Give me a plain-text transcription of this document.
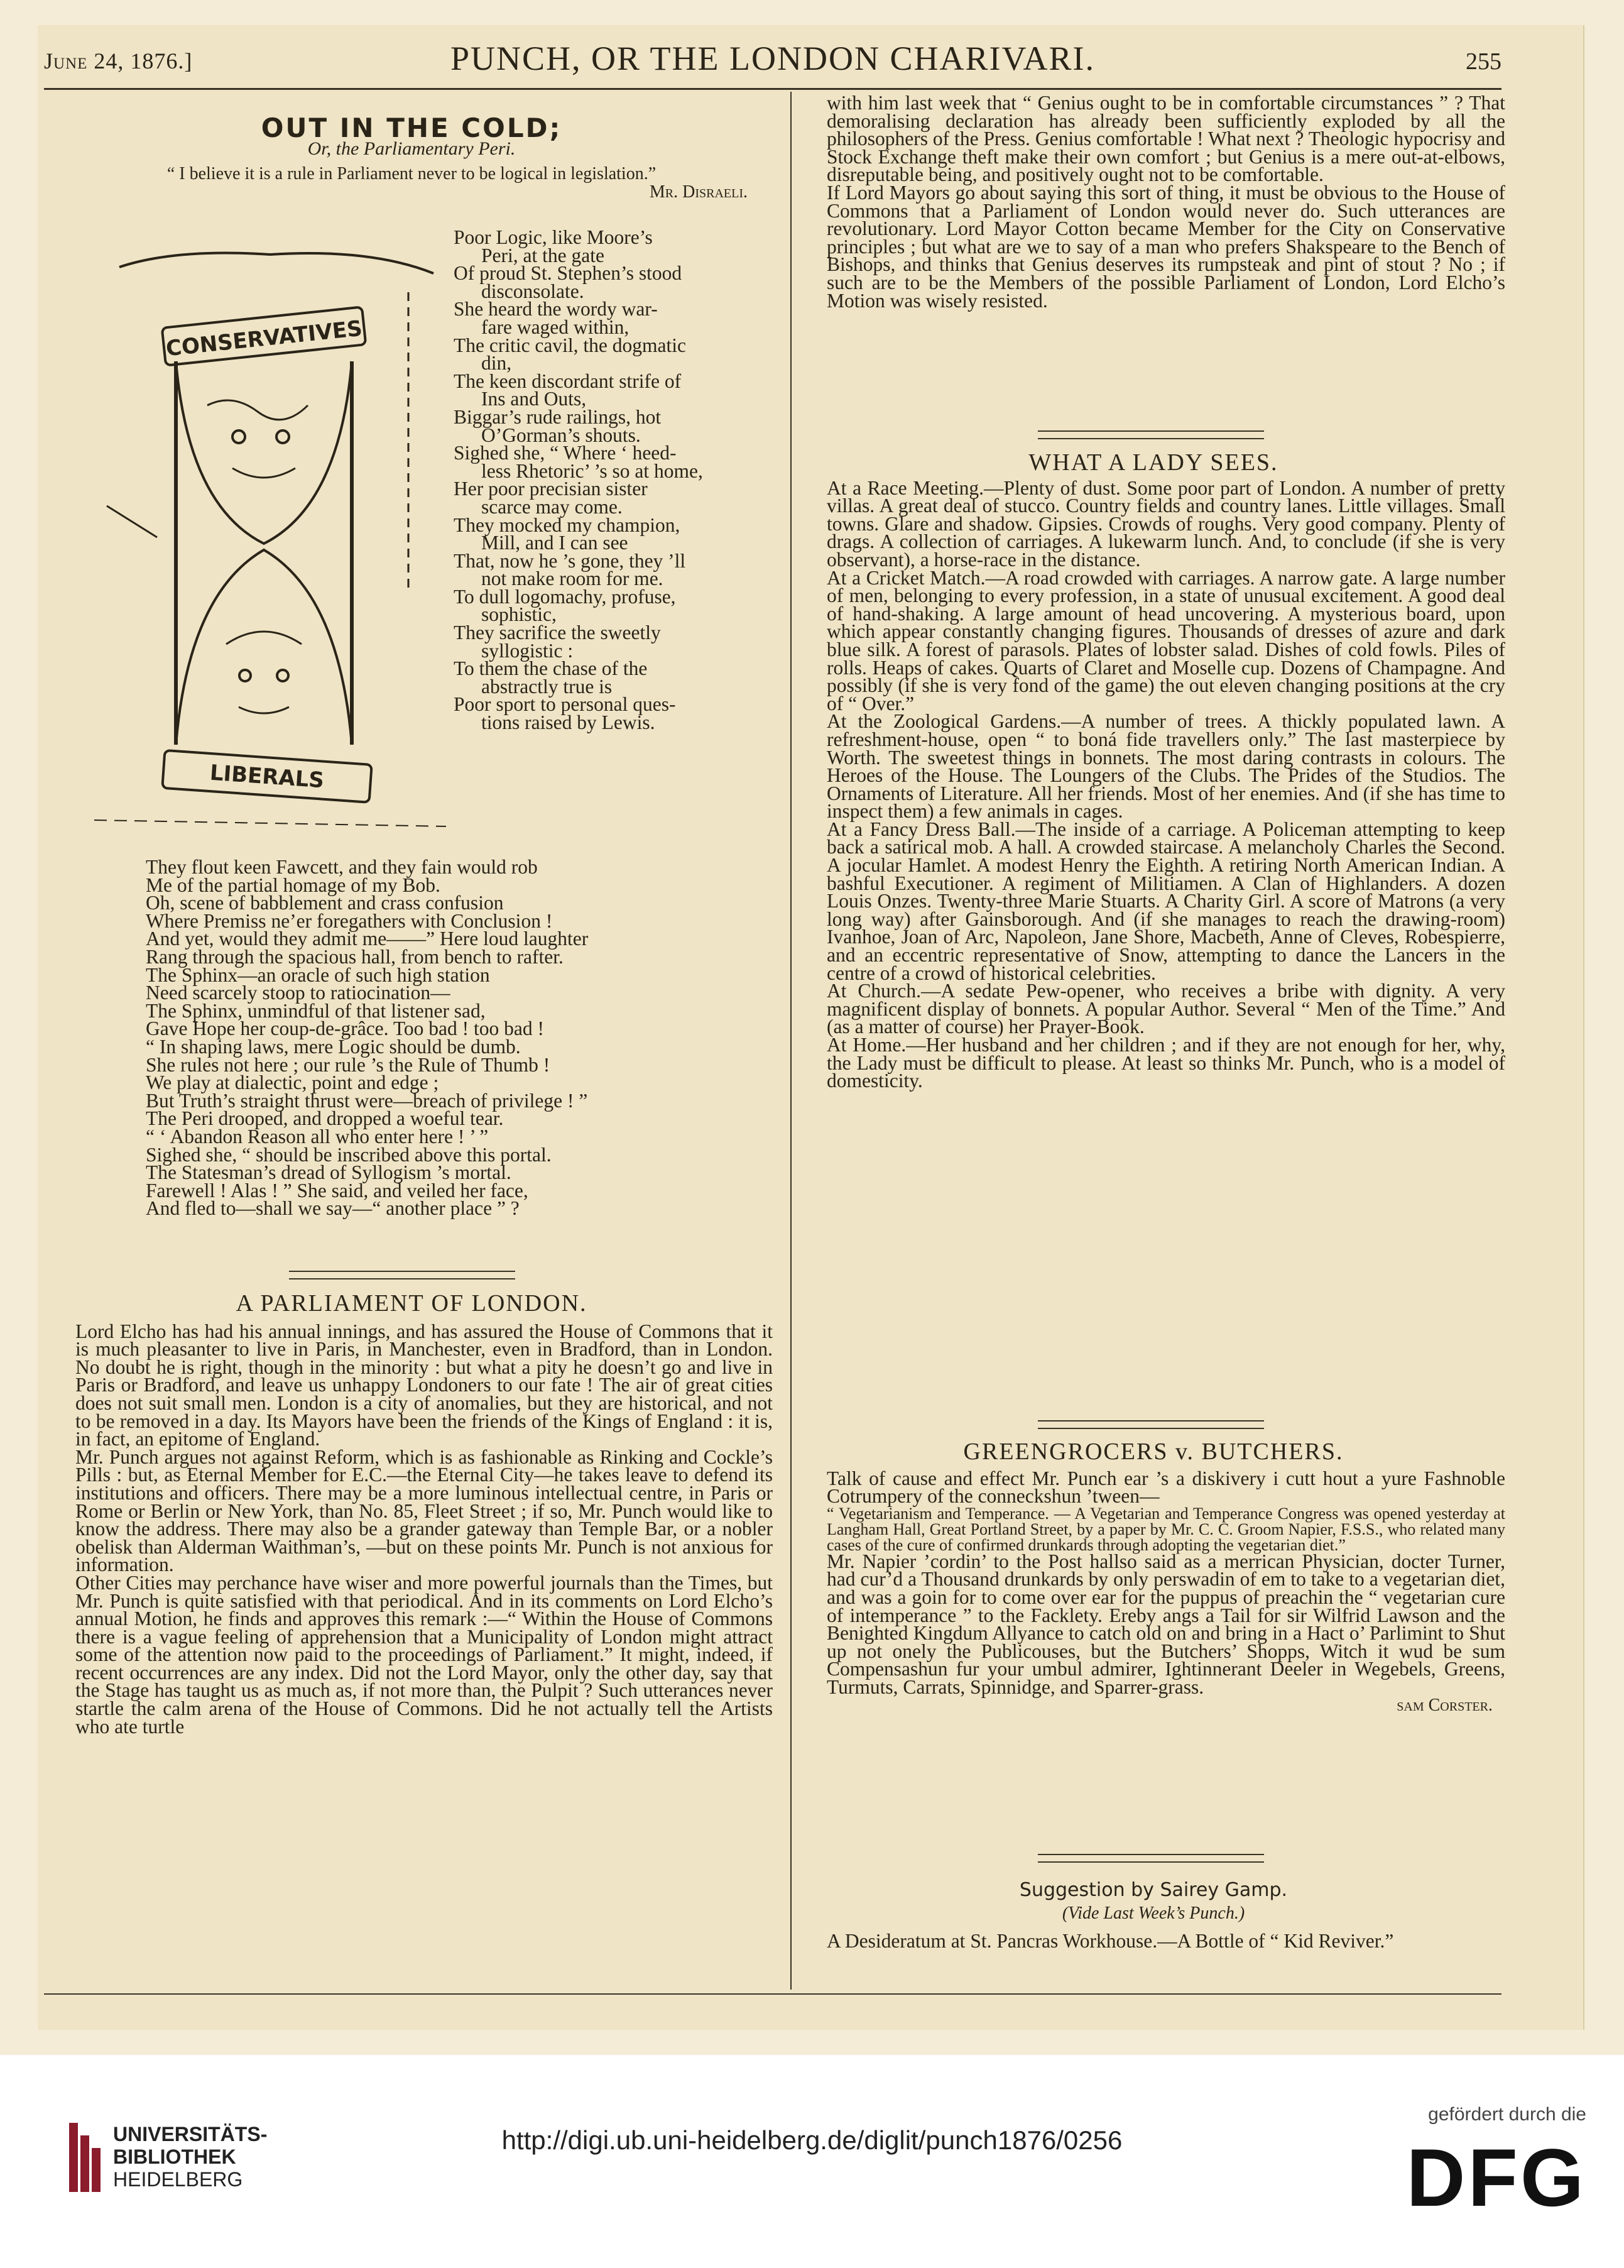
June 24, 1876.]	PUNCH, OR THE LONDON CHARIVARI.	255
OUT IN THE COLD;
Or, the Parliamentary Peri.
“ I believe it is a rule in Parliament never to be logical in legislation.”
Mr. Disraeli.
CONSERVATIVES
LIBERALS
Poor Logic, like Moore’s
Peri, at the gate
Of proud St. Stephen’s stood
disconsolate.
She heard the wordy war-
fare waged within,
The critic cavil, the dogmatic
din,
The keen discordant strife of
Ins and Outs,
Biggar’s rude railings, hot
O’Gorman’s shouts.
Sighed she, “ Where ‘ heed-
less Rhetoric’ ’s so at home,
Her poor precisian sister
scarce may come.
They mocked my champion,
Mill, and I can see
That, now he ’s gone, they ’ll
not make room for me.
To dull logomachy, profuse,
sophistic,
They sacrifice the sweetly
syllogistic :
To them the chase of the
abstractly true is
Poor sport to personal ques-
tions raised by Lewis.
They flout keen Fawcett, and they fain would rob
Me of the partial homage of my Bob.
Oh, scene of babblement and crass confusion
Where Premiss ne’er foregathers with Conclusion !
And yet, would they admit me——” Here loud laughter
Rang through the spacious hall, from bench to rafter.
The Sphinx—an oracle of such high station
Need scarcely stoop to ratiocination—
The Sphinx, unmindful of that listener sad,
Gave Hope her coup-de-grâce. Too bad ! too bad !
“ In shaping laws, mere Logic should be dumb.
She rules not here ; our rule ’s the Rule of Thumb !
We play at dialectic, point and edge ;
But Truth’s straight thrust were—breach of privilege ! ”
The Peri drooped, and dropped a woeful tear.
“ ‘ Abandon Reason all who enter here ! ’ ”
Sighed she, “ should be inscribed above this portal.
The Statesman’s dread of Syllogism ’s mortal.
Farewell ! Alas ! ” She said, and veiled her face,
And fled to—shall we say—“ another place ” ?
A PARLIAMENT OF LONDON.

Lord Elcho has had his annual innings, and has assured the House of Commons that it is much pleasanter to live in Paris, in Manchester, even in Bradford, than in London. No doubt he is right, though in the minority : but what a pity he doesn’t go and live in Paris or Bradford, and leave us unhappy Londoners to our fate ! The air of great cities does not suit small men. London is a city of anomalies, but they are historical, and not to be removed in a day. Its Mayors have been the friends of the Kings of England : it is, in fact, an epitome of England.

Mr. Punch argues not against Reform, which is as fashionable as Rinking and Cockle’s Pills : but, as Eternal Member for E.C.—the Eternal City—he takes leave to defend its institutions and officers. There may be a more luminous intellectual centre, in Paris or Rome or Berlin or New York, than No. 85, Fleet Street ; if so, Mr. Punch would like to know the address. There may also be a grander gateway than Temple Bar, or a nobler obelisk than Alderman Waithman’s, —but on these points Mr. Punch is not anxious for information.

Other Cities may perchance have wiser and more powerful journals than the Times, but Mr. Punch is quite satisfied with that periodical. And in its comments on Lord Elcho’s annual Motion, he finds and approves this remark :—“ Within the House of Commons there is a vague feeling of apprehension that a Municipality of London might attract some of the attention now paid to the proceedings of Parliament.” It might, indeed, if recent occurrences are any index. Did not the Lord Mayor, only the other day, say that the Stage has taught us as much as, if not more than, the Pulpit ? Such utterances never startle the calm arena of the House of Commons. Did he not actually tell the Artists who ate turtle

with him last week that “ Genius ought to be in comfortable circumstances ” ? That demoralising declaration has already been sufficiently exploded by all the philosophers of the Press. Genius comfortable ! What next ? Theologic hypocrisy and Stock Exchange theft make their own comfort ; but Genius is a mere out-at-elbows, disreputable being, and positively ought not to be comfortable.

If Lord Mayors go about saying this sort of thing, it must be obvious to the House of Commons that a Parliament of London would never do. Such utterances are revolutionary. Lord Mayor Cotton became Member for the City on Conservative principles ; but what are we to say of a man who prefers Shakspeare to the Bench of Bishops, and thinks that Genius deserves its rumpsteak and pint of stout ? No ; if such are to be the Members of the possible Parliament of London, Lord Elcho’s Motion was wisely resisted.

WHAT A LADY SEES.

At a Race Meeting.—Plenty of dust. Some poor part of London. A number of pretty villas. A great deal of stucco. Country fields and country lanes. Little villages. Small towns. Glare and shadow. Gipsies. Crowds of roughs. Very good company. Plenty of drags. A collection of carriages. A lukewarm lunch. And, to conclude (if she is very observant), a horse-race in the distance.

At a Cricket Match.—A road crowded with carriages. A narrow gate. A large number of men, belonging to every profession, in a state of unusual excitement. A good deal of hand-shaking. A large amount of head uncovering. A mysterious board, upon which appear constantly changing figures. Thousands of dresses of azure and dark blue silk. A forest of parasols. Plates of lobster salad. Dishes of cold fowls. Piles of rolls. Heaps of cakes. Quarts of Claret and Moselle cup. Dozens of Champagne. And possibly (if she is very fond of the game) the out eleven changing positions at the cry of “ Over.”

At the Zoological Gardens.—A number of trees. A thickly populated lawn. A refreshment-house, open “ to boná fide travellers only.” The last masterpiece by Worth. The sweetest things in bonnets. The most daring contrasts in colours. The Heroes of the House. The Loungers of the Clubs. The Prides of the Studios. The Ornaments of Literature. All her friends. Most of her enemies. And (if she has time to inspect them) a few animals in cages.

At a Fancy Dress Ball.—The inside of a carriage. A Policeman attempting to keep back a satirical mob. A hall. A crowded staircase. A melancholy Charles the Second. A jocular Hamlet. A modest Henry the Eighth. A retiring North American Indian. A bashful Executioner. A regiment of Militiamen. A Clan of Highlanders. A dozen Louis Onzes. Twenty-three Marie Stuarts. A Charity Girl. A score of Matrons (a very long way) after Gainsborough. And (if she manages to reach the drawing-room) Ivanhoe, Joan of Arc, Napoleon, Jane Shore, Macbeth, Anne of Cleves, Robespierre, and an eccentric representative of Snow, attempting to dance the Lancers in the centre of a crowd of historical celebrities.

At Church.—A sedate Pew-opener, who receives a bribe with dignity. A very magnificent display of bonnets. A popular Author. Several “ Men of the Time.” And (as a matter of course) her Prayer-Book.

At Home.—Her husband and her children ; and if they are not enough for her, why, the Lady must be difficult to please. At least so thinks Mr. Punch, who is a model of domesticity.

GREENGROCERS v. BUTCHERS.

Talk of cause and effect Mr. Punch ear ’s a diskivery i cutt hout a yure Fashnoble Cotrumpery of the conneckshun ’tween—

“ Vegetarianism and Temperance. — A Vegetarian and Temperance Congress was opened yesterday at Langham Hall, Great Portland Street, by a paper by Mr. C. C. Groom Napier, F.S.S., who related many cases of the cure of confirmed drunkards through adopting the vegetarian diet.”

Mr. Napier ’cordin’ to the Post hallso said as a merrican Physician, docter Turner, had cur’d a Thousand drunkards by only perswadin of em to take to a vegetarian diet, and was a goin for to come over ear for the puppus of preachin the “ vegetarian cure of intemperance ” to the Facklety. Ereby angs a Tail for sir Wilfrid Lawson and the Benighted Kingdum Allyance to catch old on and bring in a Hact o’ Parlimint to Shut up not onely the Publicouses, but the Butchers’ Shopps, Witch it wud be sum Compensashun fur your umbul admirer, Ightinnerant Deeler in Wegebels, Greens, Turmuts, Carrats, Spinnidge, and Sparrer-grass.

sam Corster.
Suggestion by Sairey Gamp.
(Vide Last Week’s Punch.)

A Desideratum at St. Pancras Workhouse.—A Bottle of “ Kid Reviver.”

UNIVERSITÄTS-
BIBLIOTHEK
HEIDELBERG
http://digi.ub.uni-heidelberg.de/diglit/punch1876/0256
gefördert durch die
DFG
